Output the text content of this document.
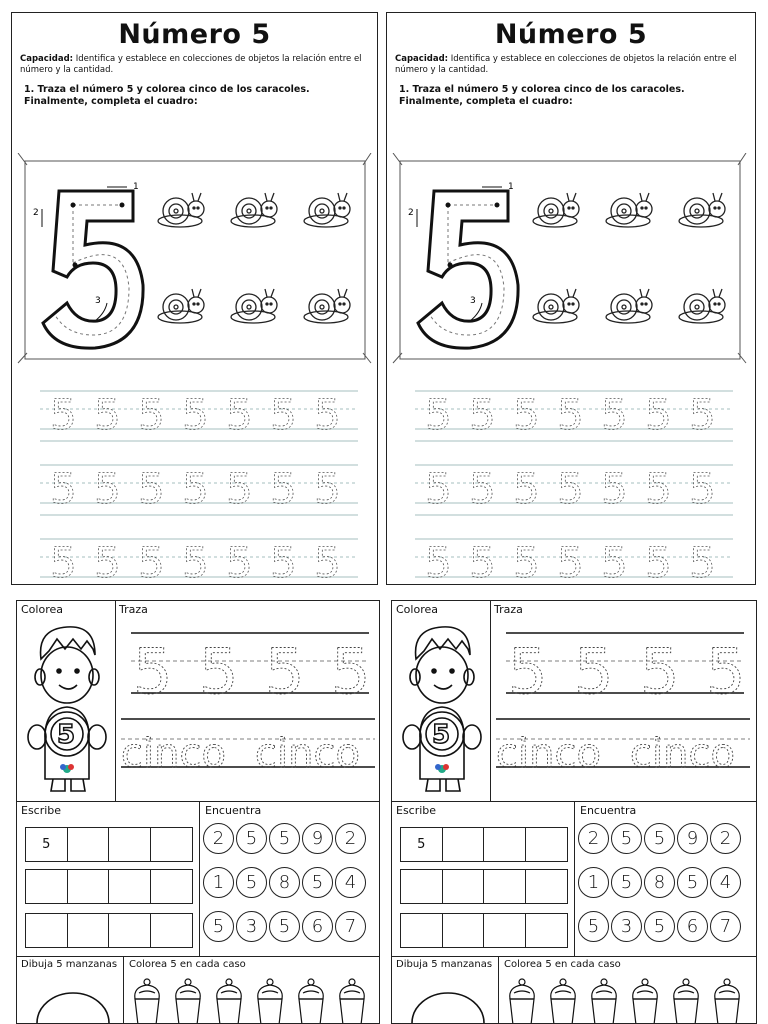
Número 5
Capacidad: Identifica y establece en colecciones de objetos la relación entre el número y la cantidad.
1. Traza el número 5 y colorea cinco de los caracoles. Finalmente, completa el cuadro:
1
2
3
5 5 5 5 5 5 5
5 5 5 5 5 5 5
5 5 5 5 5 5 5
Número 5
Capacidad: Identifica y establece en colecciones de objetos la relación entre el número y la cantidad.
1. Traza el número 5 y colorea cinco de los caracoles. Finalmente, completa el cuadro:
1
2
3
5 5 5 5 5 5 5
5 5 5 5 5 5 5
5 5 5 5 5 5 5
Colorea	Traza
5
5 5 5 5
cinco cinco
Escribe
5
Encuentra
2	5	5	9	2
1	5	8	5	4
5	3	5	6	7
Dibuja 5 manzanas Colorea 5 en cada caso
Colorea	Traza
5
5 5 5 5
cinco cinco
Escribe
5
Encuentra
2	5	5	9	2
1	5	8	5	4
5	3	5	6	7
Dibuja 5 manzanas Colorea 5 en cada caso
